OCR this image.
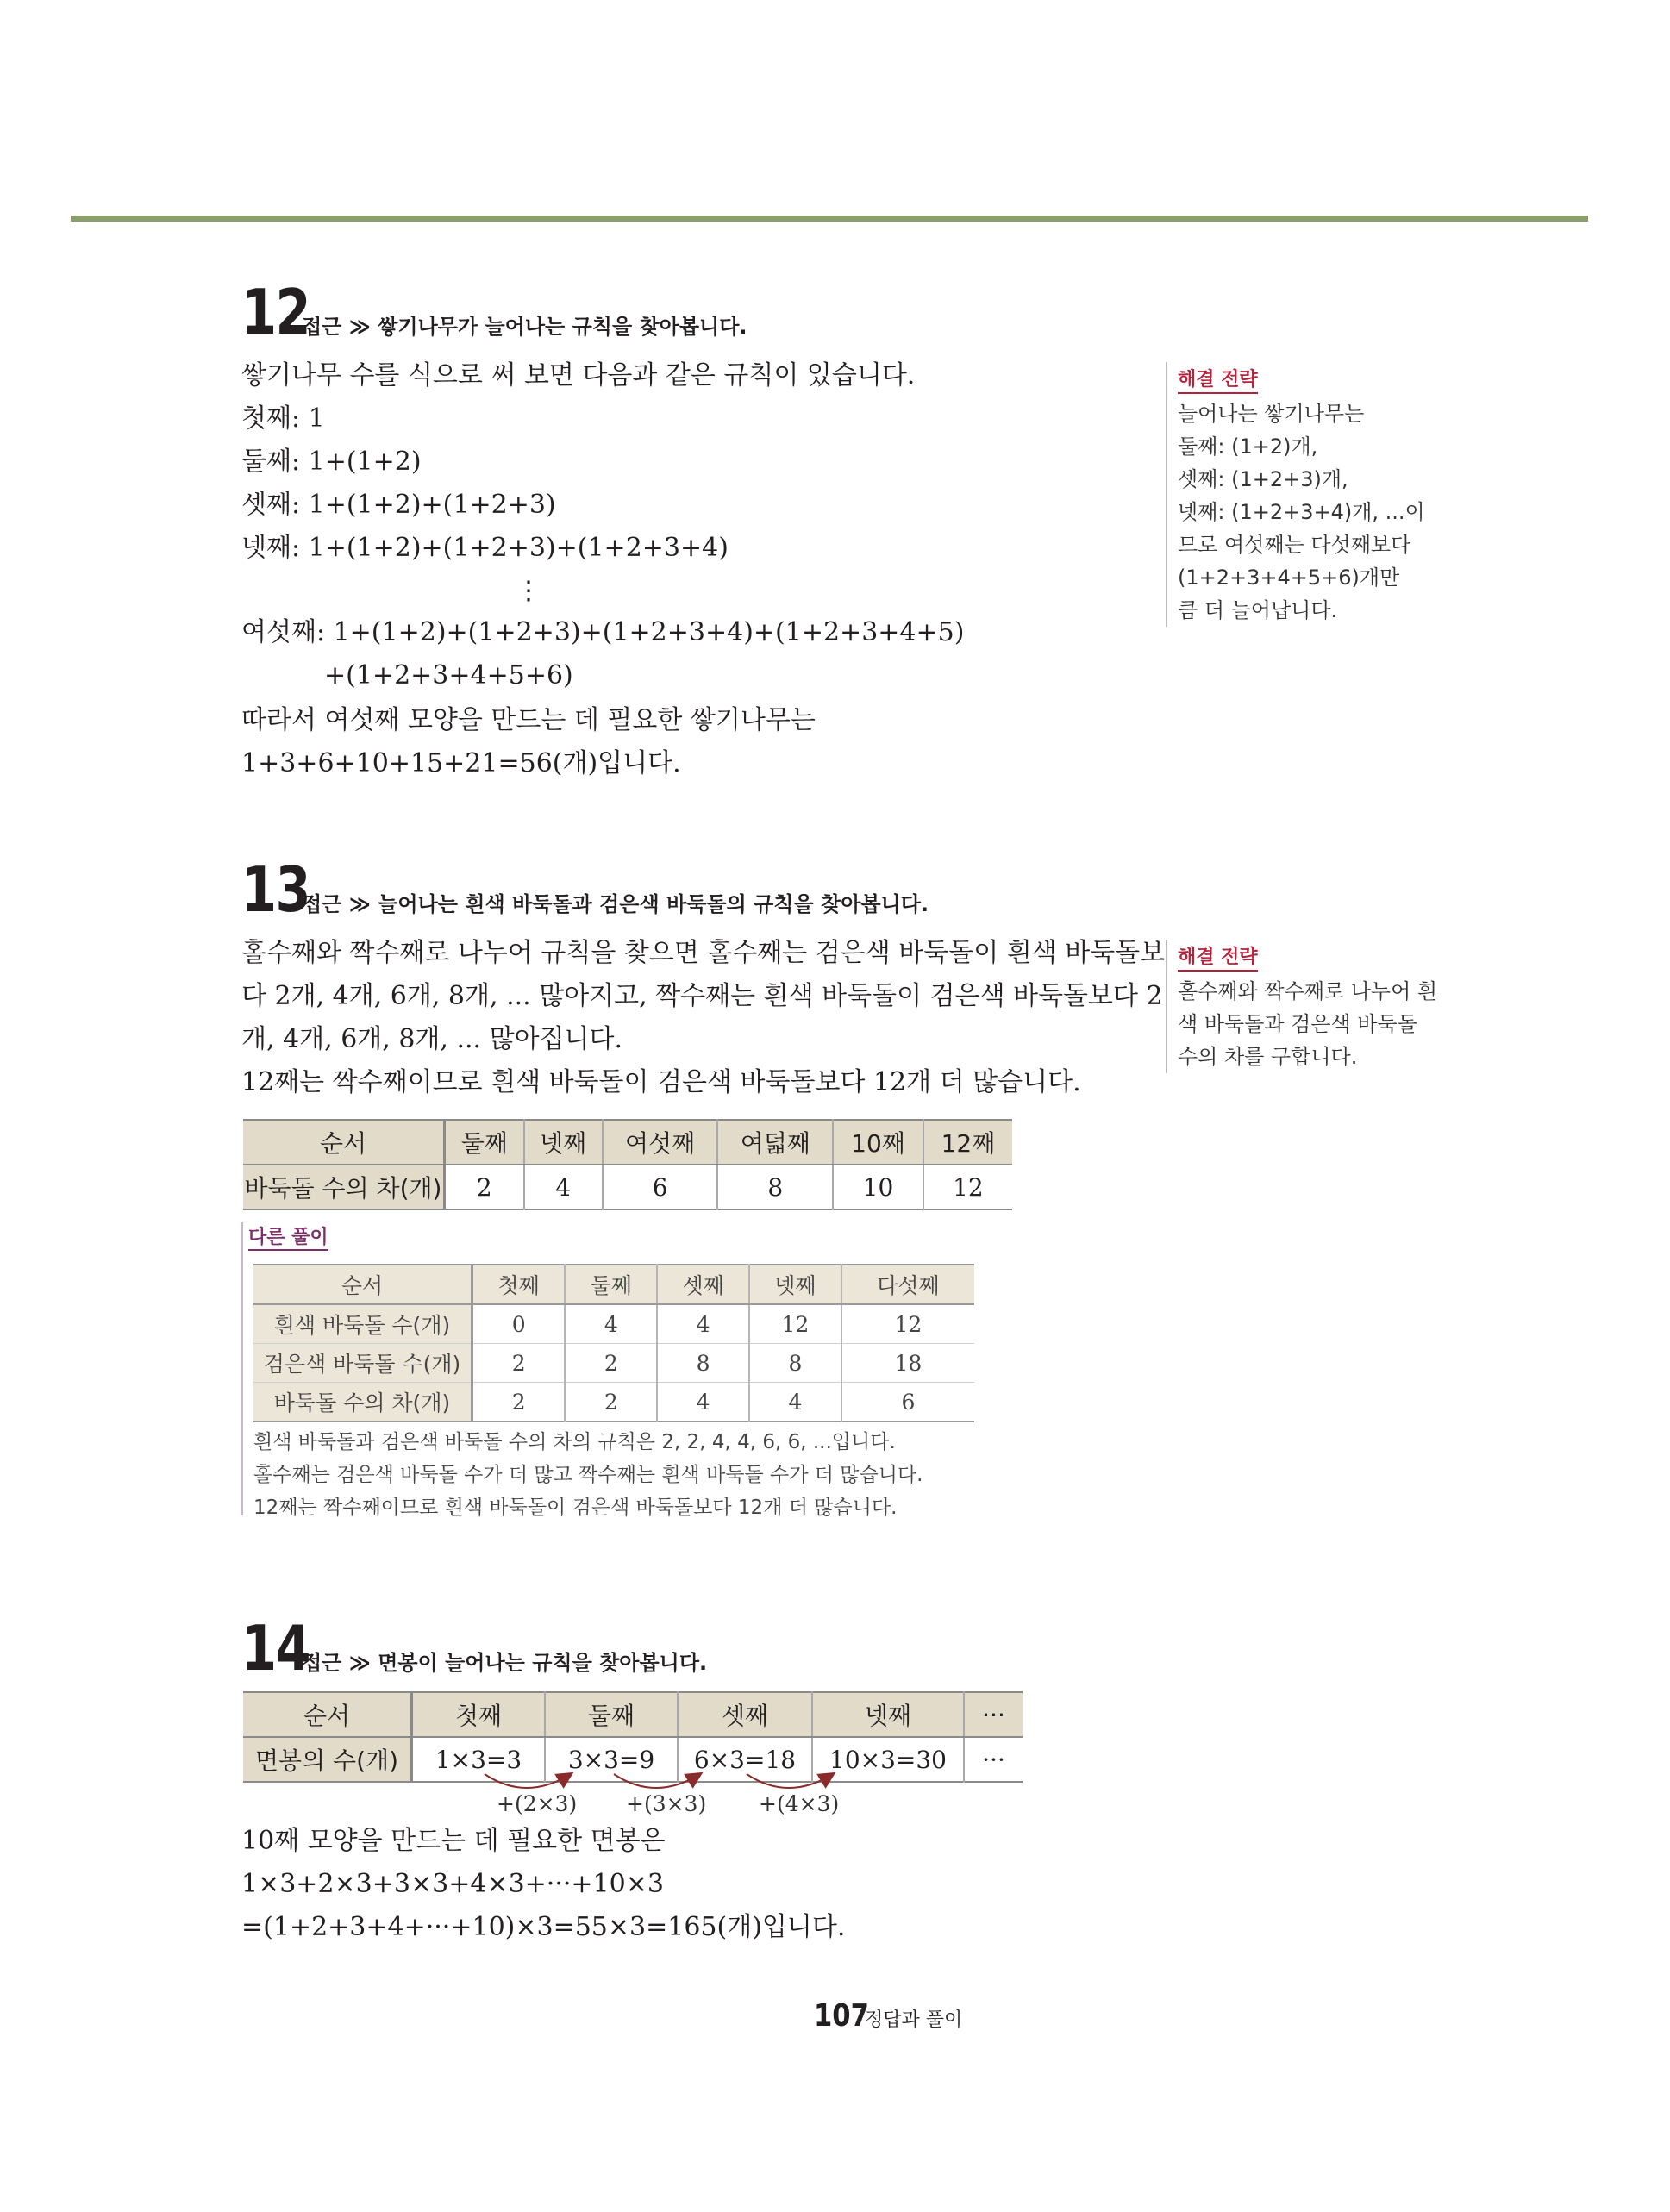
12
접근 ≫ 쌓기나무가 늘어나는 규칙을 찾아봅니다.
쌓기나무 수를 식으로 써 보면 다음과 같은 규칙이 있습니다.
첫째: 1
둘째: 1+(1+2)
셋째: 1+(1+2)+(1+2+3)
넷째: 1+(1+2)+(1+2+3)+(1+2+3+4)
⋮
여섯째: 1+(1+2)+(1+2+3)+(1+2+3+4)+(1+2+3+4+5)
+(1+2+3+4+5+6)
따라서 여섯째 모양을 만드는 데 필요한 쌓기나무는
1+3+6+10+15+21=56(개)입니다.
해결 전략
늘어나는 쌓기나무는
둘째: (1+2)개,
셋째: (1+2+3)개,
넷째: (1+2+3+4)개, ...이
므로 여섯째는 다섯째보다
(1+2+3+4+5+6)개만
큼 더 늘어납니다.
13
접근 ≫ 늘어나는 흰색 바둑돌과 검은색 바둑돌의 규칙을 찾아봅니다.
홀수째와 짝수째로 나누어 규칙을 찾으면 홀수째는 검은색 바둑돌이 흰색 바둑돌보
다 2개, 4개, 6개, 8개, ... 많아지고, 짝수째는 흰색 바둑돌이 검은색 바둑돌보다 2
개, 4개, 6개, 8개, ... 많아집니다.
12째는 짝수째이므로 흰색 바둑돌이 검은색 바둑돌보다 12개 더 많습니다.
해결 전략
홀수째와 짝수째로 나누어 흰
색 바둑돌과 검은색 바둑돌
수의 차를 구합니다.
순서	둘째	넷째	여섯째	여덟째	10째	12째
바둑돌 수의 차(개)	2	4	6	8	10	12
다른 풀이
순서	첫째	둘째	셋째	넷째	다섯째
흰색 바둑돌 수(개)	0	4	4	12	12
검은색 바둑돌 수(개)	2	2	8	8	18
바둑돌 수의 차(개)	2	2	4	4	6
흰색 바둑돌과 검은색 바둑돌 수의 차의 규칙은 2, 2, 4, 4, 6, 6, ...입니다.
홀수째는 검은색 바둑돌 수가 더 많고 짝수째는 흰색 바둑돌 수가 더 많습니다.
12째는 짝수째이므로 흰색 바둑돌이 검은색 바둑돌보다 12개 더 많습니다.
14
접근 ≫ 면봉이 늘어나는 규칙을 찾아봅니다.
순서	첫째	둘째	셋째	넷째	···
면봉의 수(개)	1×3=3	3×3=9	6×3=18	10×3=30	···
+(2×3) +(3×3) +(4×3)
10째 모양을 만드는 데 필요한 면봉은
1×3+2×3+3×3+4×3+···+10×3
=(1+2+3+4+···+10)×3=55×3=165(개)입니다.
107
정답과 풀이
